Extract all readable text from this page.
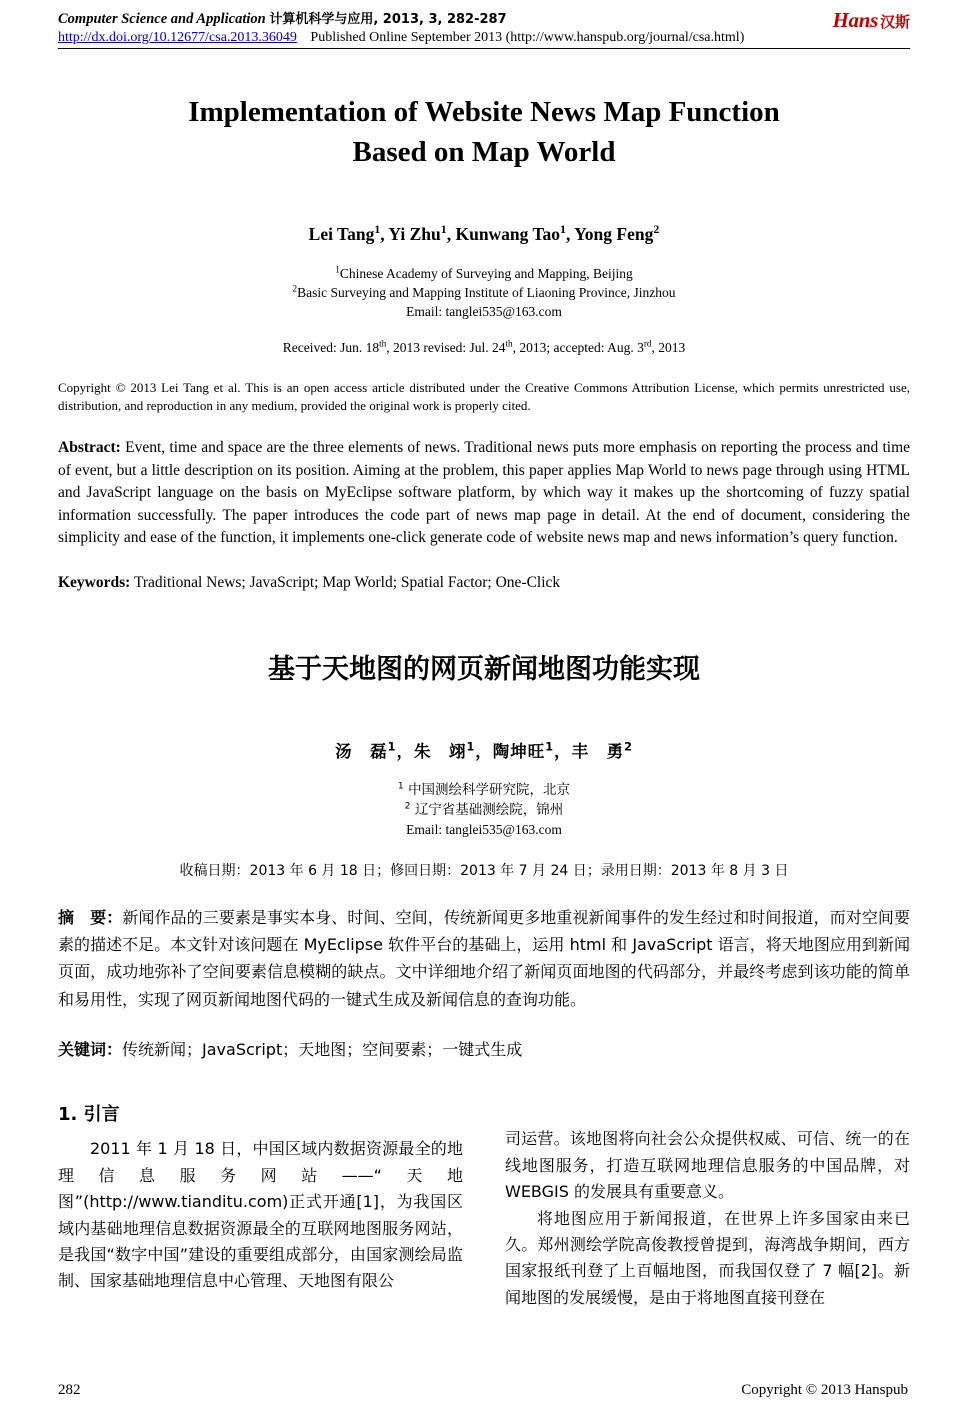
Computer Science and Application 计算机科学与应用, 2013, 3, 282-287
http://dx.doi.org/10.12677/csa.2013.36049 Published Online September 2013 (http://www.hanspub.org/journal/csa.html)
Hans 汉斯
Implementation of Website News Map Function
Based on Map World
Lei Tang$^1$, Yi Zhu$^1$, Kunwang Tao$^1$, Yong Feng$^2$
$^1$Chinese Academy of Surveying and Mapping, Beijing
$^2$Basic Surveying and Mapping Institute of Liaoning Province, Jinzhou
Email: tanglei535@163.com
Received: Jun. 18th, 2013 revised: Jul. 24th, 2013; accepted: Aug. 3rd, 2013
Copyright © 2013 Lei Tang et al. This is an open access article distributed under the Creative Commons Attribution License, which permits unrestricted use, distribution, and reproduction in any medium, provided the original work is properly cited.
Abstract: Event, time and space are the three elements of news. Traditional news puts more emphasis on reporting the process and time of event, but a little description on its position. Aiming at the problem, this paper applies Map World to news page through using HTML and JavaScript language on the basis on MyEclipse software platform, by which way it makes up the shortcoming of fuzzy spatial information successfully. The paper introduces the code part of news map page in detail. At the end of document, considering the simplicity and ease of the function, it implements one-click generate code of website news map and news information’s query function.
Keywords: Traditional News; JavaScript; Map World; Spatial Factor; One-Click
基于天地图的网页新闻地图功能实现
汤　磊$^1$，朱　翊$^1$，陶坤旺$^1$，丰　勇$^2$
$^1$ 中国测绘科学研究院，北京
$^2$ 辽宁省基础测绘院，锦州
Email: tanglei535@163.com
收稿日期：2013 年 6 月 18 日；修回日期：2013 年 7 月 24 日；录用日期：2013 年 8 月 3 日
摘　要：新闻作品的三要素是事实本身、时间、空间，传统新闻更多地重视新闻事件的发生经过和时间报道，而对空间要素的描述不足。本文针对该问题在 MyEclipse 软件平台的基础上，运用 html 和 JavaScript 语言，将天地图应用到新闻页面，成功地弥补了空间要素信息模糊的缺点。文中详细地介绍了新闻页面地图的代码部分，并最终考虑到该功能的简单和易用性，实现了网页新闻地图代码的一键式生成及新闻信息的查询功能。
关键词：传统新闻；JavaScript；天地图；空间要素；一键式生成
1. 引言

2011 年 1 月 18 日，中国区域内数据资源最全的地理信息服务网站——“天地图”(http://www.tianditu.com)正式开通[1]，为我国区域内基础地理信息数据资源最全的互联网地图服务网站，是我国“数字中国”建设的重要组成部分，由国家测绘局监制、国家基础地理信息中心管理、天地图有限公

司运营。该地图将向社会公众提供权威、可信、统一的在线地图服务，打造互联网地理信息服务的中国品牌，对 WEBGIS 的发展具有重要意义。

将地图应用于新闻报道，在世界上许多国家由来已久。郑州测绘学院高俊教授曾提到，海湾战争期间，西方国家报纸刊登了上百幅地图，而我国仅登了 7 幅[2]。新闻地图的发展缓慢，是由于将地图直接刊登在

282	Copyright © 2013 Hanspub
